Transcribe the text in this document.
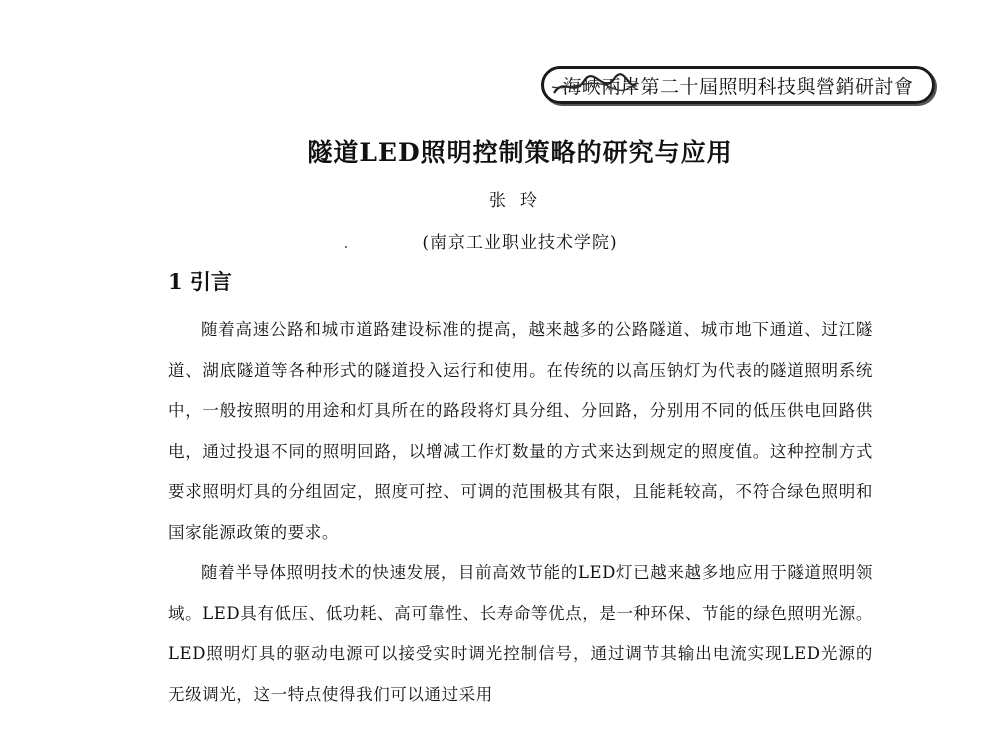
海峽兩岸第二十屆照明科技與營銷研討會
隧道LED照明控制策略的研究与应用
张玲
(南京工业职业技术学院)
1 引言

随着高速公路和城市道路建设标准的提高，越来越多的公路隧道、城市地下通道、过江隧道、湖底隧道等各种形式的隧道投入运行和使用。在传统的以高压钠灯为代表的隧道照明系统中，一般按照明的用途和灯具所在的路段将灯具分组、分回路，分别用不同的低压供电回路供电，通过投退不同的照明回路，以增减工作灯数量的方式来达到规定的照度值。这种控制方式要求照明灯具的分组固定，照度可控、可调的范围极其有限，且能耗较高，不符合绿色照明和国家能源政策的要求。

随着半导体照明技术的快速发展，目前高效节能的LED灯已越来越多地应用于隧道照明领域。LED具有低压、低功耗、高可靠性、长寿命等优点，是一种环保、节能的绿色照明光源。LED照明灯具的驱动电源可以接受实时调光控制信号，通过调节其输出电流实现LED光源的无级调光，这一特点使得我们可以通过采用
